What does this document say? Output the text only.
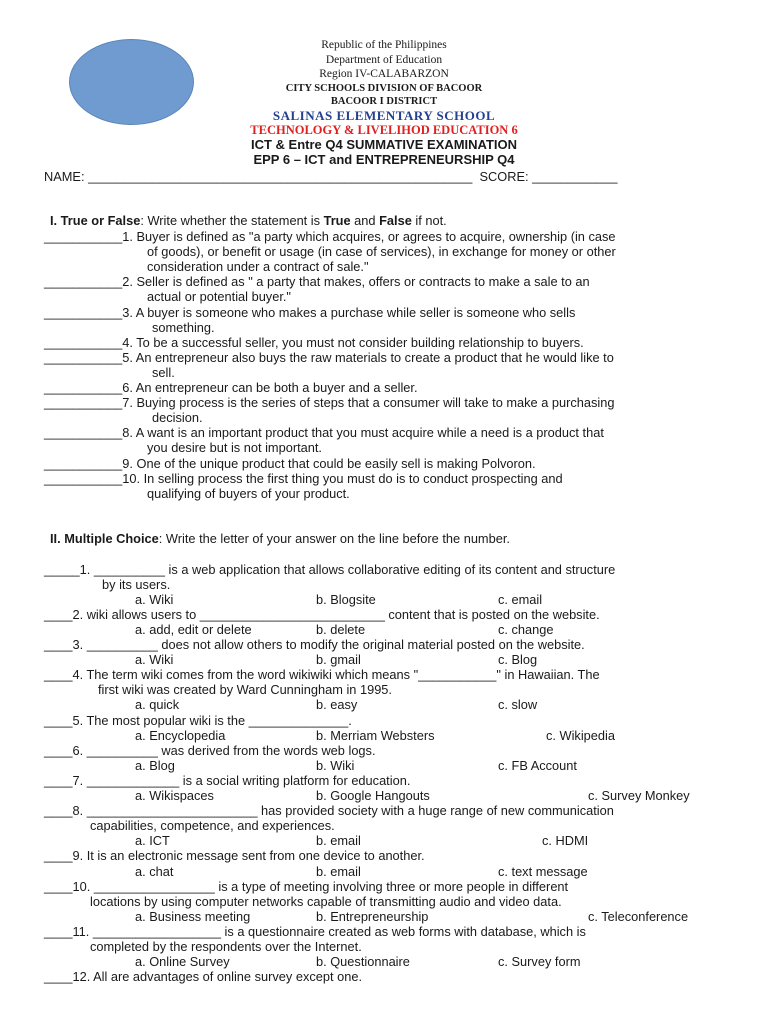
Republic of the Philippines
Department of Education
Region IV-CALABARZON
CITY SCHOOLS DIVISION OF BACOOR
BACOOR I DISTRICT
SALINAS ELEMENTARY SCHOOL
TECHNOLOGY & LIVELIHOD EDUCATION 6
ICT & Entre Q4 SUMMATIVE EXAMINATION
EPP 6 – ICT and ENTREPRENEURSHIP Q4
NAME: ______________________________________________________  SCORE: ____________
I. True or False: Write whether the statement is True and False if not.
___________1. Buyer is defined as "a party which acquires, or agrees to acquire, ownership (in case
of goods), or benefit or usage (in case of services), in exchange for money or other
consideration under a contract of sale."
___________2. Seller is defined as " a party that makes, offers or contracts to make a sale to an
actual or potential buyer."
___________3. A buyer is someone who makes a purchase while seller is someone who sells
something.
___________4. To be a successful seller, you must not consider building relationship to buyers.
___________5. An entrepreneur also buys the raw materials to create a product that he would like to
sell.
___________6. An entrepreneur can be both a buyer and a seller.
___________7. Buying process is the series of steps that a consumer will take to make a purchasing
decision.
___________8. A want is an important product that you must acquire while a need is a product that
you desire but is not important.
___________9. One of the unique product that could be easily sell is making Polvoron.
___________10. In selling process the first thing you must do is to conduct prospecting and
qualifying of buyers of your product.
II. Multiple Choice: Write the letter of your answer on the line before the number.
_____1. __________ is a web application that allows collaborative editing of its content and structure
by its users.
a. Wiki	b. Blogsite	c. email
____2. wiki allows users to __________________________ content that is posted on the website.
a. add, edit or delete	b. delete	c. change
____3. __________ does not allow others to modify the original material posted on the website.
a. Wiki	b. gmail	c. Blog
____4. The term wiki comes from the word wikiwiki which means "___________" in Hawaiian. The
first wiki was created by Ward Cunningham in 1995.
a. quick	b. easy	c. slow
____5. The most popular wiki is the ______________.
a. Encyclopedia	b. Merriam Websters	c. Wikipedia
____6. __________ was derived from the words web logs.
a. Blog	b. Wiki	c. FB Account
____7. _____________ is a social writing platform for education.
a. Wikispaces	b. Google Hangouts	c. Survey Monkey
____8. ________________________ has provided society with a huge range of new communication
capabilities, competence, and experiences.
a. ICT	b. email	c. HDMI
____9. It is an electronic message sent from one device to another.
a. chat	b. email	c. text message
____10. _________________ is a type of meeting involving three or more people in different
locations by using computer networks capable of transmitting audio and video data.
a. Business meeting	b. Entrepreneurship	c. Teleconference
____11. __________________ is a questionnaire created as web forms with database, which is
completed by the respondents over the Internet.
a. Online Survey	b. Questionnaire	c. Survey form
____12. All are advantages of online survey except one.
